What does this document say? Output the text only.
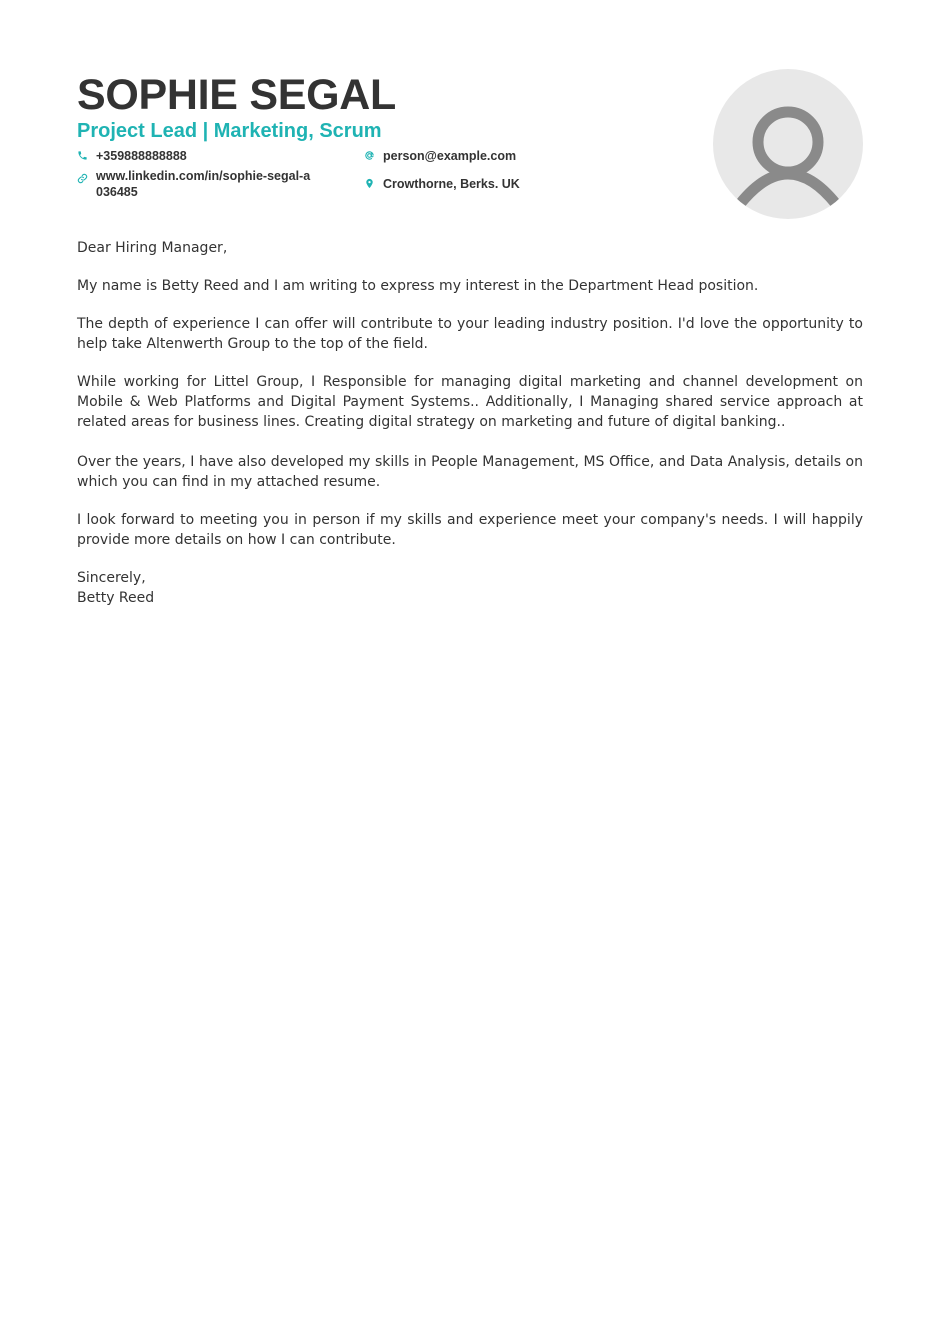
SOPHIE SEGAL
Project Lead | Marketing, Scrum
+359888888888	person@example.com
www.linkedin.com/in/sophie-segal-a036485
Crowthorne, Berks. UK

Dear Hiring Manager,

My name is Betty Reed and I am writing to express my interest in the Department Head position.

The depth of experience I can offer will contribute to your leading industry position. I'd love the opportunity to help take Altenwerth Group to the top of the field.

While working for Littel Group, I Responsible for managing digital marketing and channel development on Mobile & Web Platforms and Digital Payment Systems.. Additionally, I Managing shared service approach at related areas for business lines. Creating digital strategy on marketing and future of digital banking..

Over the years, I have also developed my skills in People Management, MS Office, and Data Analysis, details on which you can find in my attached resume.

I look forward to meeting you in person if my skills and experience meet your company's needs. I will happily provide more details on how I can contribute.

Sincerely,

Betty Reed
